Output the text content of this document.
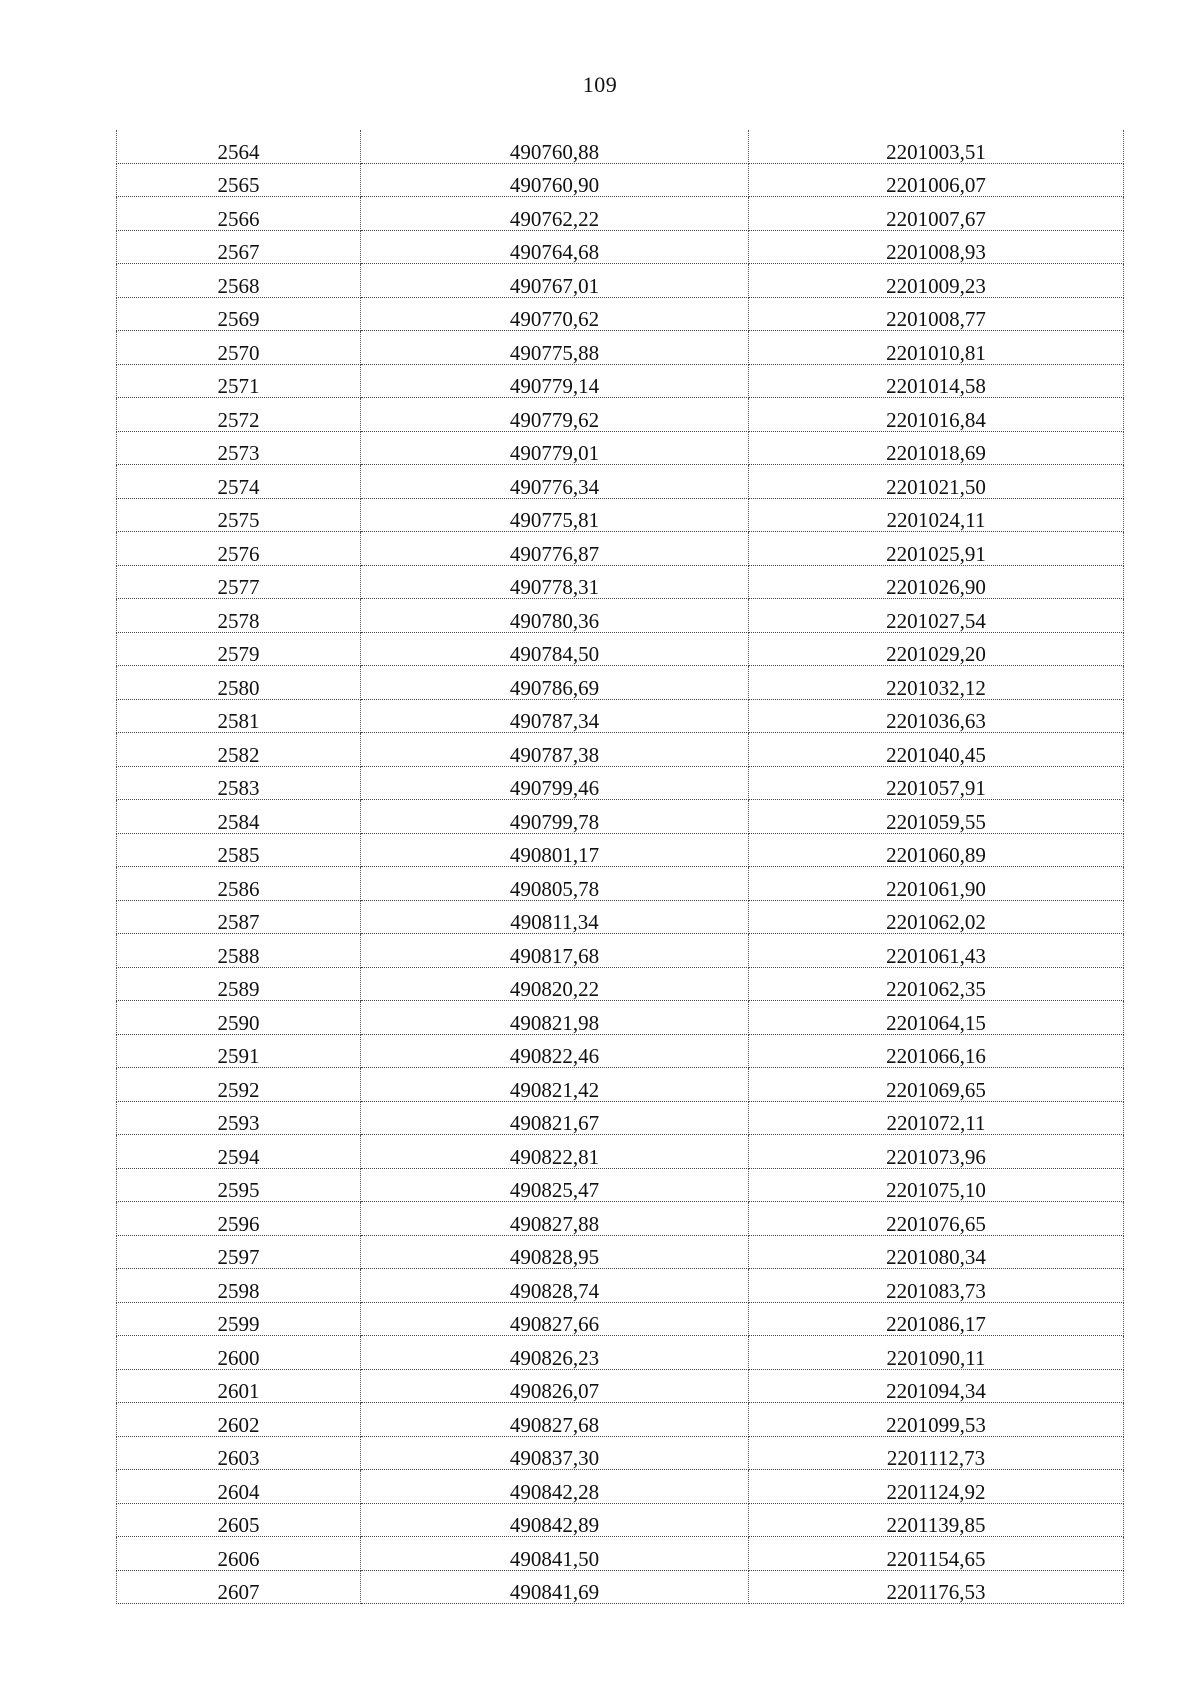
109
2564	490760,88	2201003,51
2565	490760,90	2201006,07
2566	490762,22	2201007,67
2567	490764,68	2201008,93
2568	490767,01	2201009,23
2569	490770,62	2201008,77
2570	490775,88	2201010,81
2571	490779,14	2201014,58
2572	490779,62	2201016,84
2573	490779,01	2201018,69
2574	490776,34	2201021,50
2575	490775,81	2201024,11
2576	490776,87	2201025,91
2577	490778,31	2201026,90
2578	490780,36	2201027,54
2579	490784,50	2201029,20
2580	490786,69	2201032,12
2581	490787,34	2201036,63
2582	490787,38	2201040,45
2583	490799,46	2201057,91
2584	490799,78	2201059,55
2585	490801,17	2201060,89
2586	490805,78	2201061,90
2587	490811,34	2201062,02
2588	490817,68	2201061,43
2589	490820,22	2201062,35
2590	490821,98	2201064,15
2591	490822,46	2201066,16
2592	490821,42	2201069,65
2593	490821,67	2201072,11
2594	490822,81	2201073,96
2595	490825,47	2201075,10
2596	490827,88	2201076,65
2597	490828,95	2201080,34
2598	490828,74	2201083,73
2599	490827,66	2201086,17
2600	490826,23	2201090,11
2601	490826,07	2201094,34
2602	490827,68	2201099,53
2603	490837,30	2201112,73
2604	490842,28	2201124,92
2605	490842,89	2201139,85
2606	490841,50	2201154,65
2607	490841,69	2201176,53
